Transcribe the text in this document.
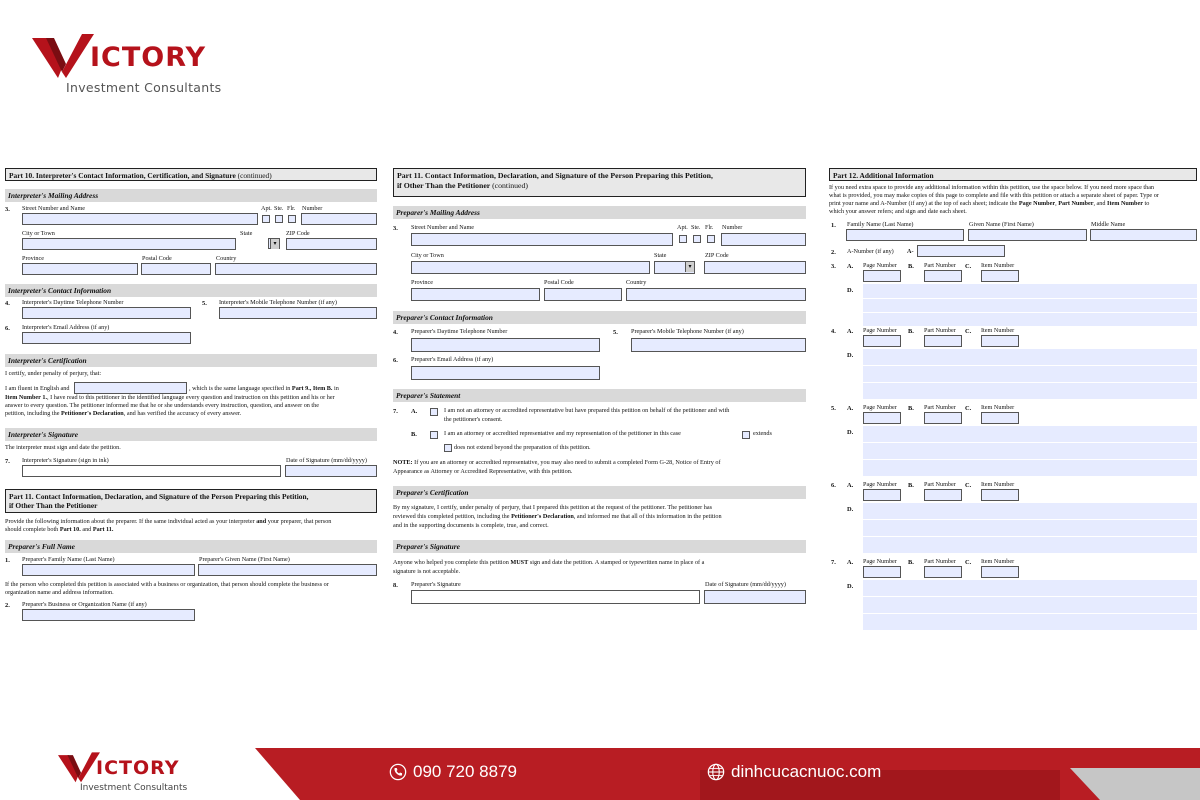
ICTORY
Investment Consultants
Part 10. Interpreter's Contact Information, Certification, and Signature (continued)
Interpreter's Mailing Address
3. Street Number and Name	Apt. Ste. Flr. Number
City or Town	State	ZIP Code
▾
Province	Postal Code	Country
Interpreter's Contact Information
4. Interpreter's Daytime Telephone Number	5. Interpreter's Mobile Telephone Number (if any)
6. Interpreter's Email Address (if any)
Interpreter's Certification
I certify, under penalty of perjury, that:
I am fluent in English and	, which is the same language specified in Part 9., Item B. in
Item Number 1., I have read to this petitioner in the identified language every question and instruction on this petition and his or her
answer to every question. The petitioner informed me that he or she understands every instruction, question, and answer on the
petition, including the Petitioner's Declaration, and has verified the accuracy of every answer.
Interpreter's Signature
The interpreter must sign and date the petition.
7. Interpreter's Signature (sign in ink)	Date of Signature (mm/dd/yyyy)
Part 11. Contact Information, Declaration, and Signature of the Person Preparing this Petition,
if Other Than the Petitioner
Provide the following information about the preparer. If the same individual acted as your interpreter and your preparer, that person
should complete both Part 10. and Part 11.
Preparer's Full Name
1. Preparer's Family Name (Last Name)	Preparer's Given Name (First Name)
If the person who completed this petition is associated with a business or organization, that person should complete the business or
organization name and address information.
2. Preparer's Business or Organization Name (if any)
Part 11. Contact Information, Declaration, and Signature of the Person Preparing this Petition,
if Other Than the Petitioner (continued)
Preparer's Mailing Address
3. Street Number and Name	Apt. Ste. Flr. Number
City or Town	State	ZIP Code
▾
Province	Postal Code	Country
Preparer's Contact Information
4. Preparer's Daytime Telephone Number	5. Preparer's Mobile Telephone Number (if any)
6. Preparer's Email Address (if any)
Preparer's Statement
7. A.	I am not an attorney or accredited representative but have prepared this petition on behalf of the petitioner and with
the petitioner's consent.
B.	I am an attorney or accredited representative and my representation of the petitioner in this case	extends
does not extend beyond the preparation of this petition.
NOTE: If you are an attorney or accredited representative, you may also need to submit a completed Form G-28, Notice of Entry of
Appearance as Attorney or Accredited Representative, with this petition.
Preparer's Certification
By my signature, I certify, under penalty of perjury, that I prepared this petition at the request of the petitioner. The petitioner has
reviewed this completed petition, including the Petitioner's Declaration, and informed me that all of this information in the petition
and in the supporting documents is complete, true, and correct.
Preparer's Signature
Anyone who helped you complete this petition MUST sign and date the petition. A stamped or typewritten name in place of a
signature is not acceptable.
8. Preparer's Signature	Date of Signature (mm/dd/yyyy)
Part 12. Additional Information
If you need extra space to provide any additional information within this petition, use the space below. If you need more space than
what is provided, you may make copies of this page to complete and file with this petition or attach a separate sheet of paper. Type or
print your name and A-Number (if any) at the top of each sheet; indicate the Page Number, Part Number, and Item Number to
which your answer refers; and sign and date each sheet.
1. Family Name (Last Name)	Given Name (First Name)	Middle Name
2. A-Number (if any) A-
3. A. Page Number B. Part Number C. Item Number
D.
4. A. Page Number B. Part Number C. Item Number
D.
5. A. Page Number B. Part Number C. Item Number
D.
6. A. Page Number B. Part Number C. Item Number
D.
7. A. Page Number B. Part Number C. Item Number
D.
ICTORY
Investment Consultants
090 720 8879	dinhcucacnuoc.com
